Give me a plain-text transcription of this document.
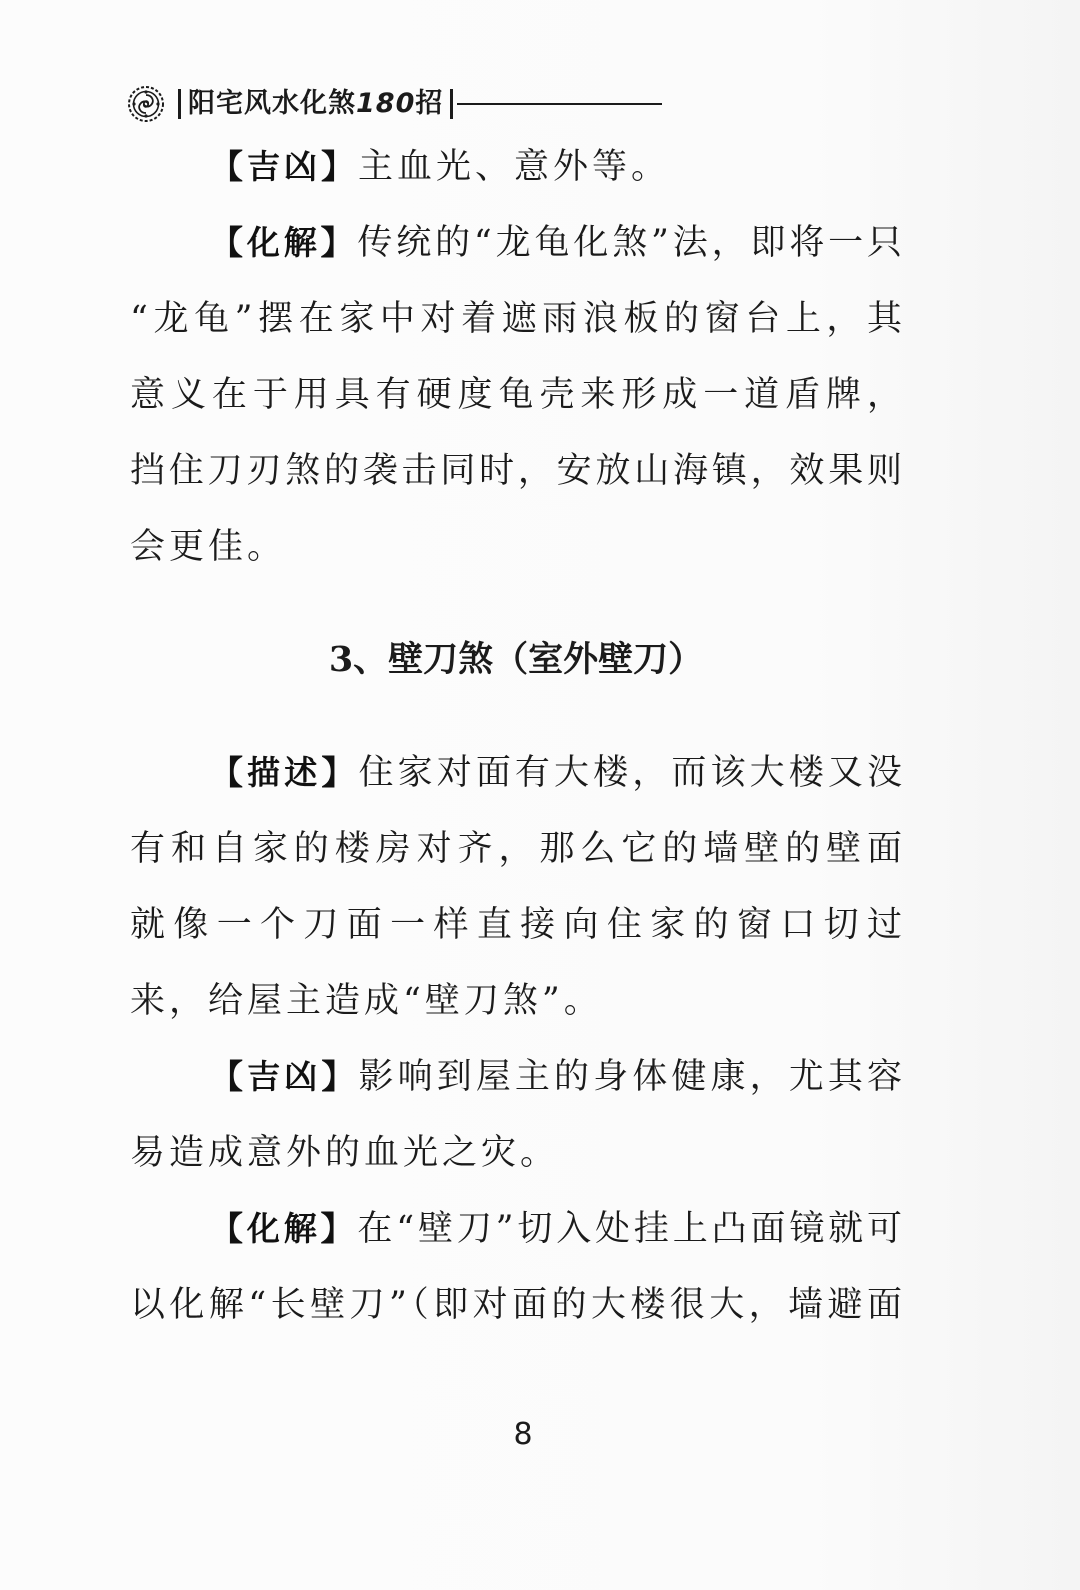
阳宅风水化煞180招
【吉凶】主血光、意外等。
【化解】传统的“龙龟化煞”法，即将一只
“龙龟”摆在家中对着遮雨浪板的窗台上，其
意义在于用具有硬度龟壳来形成一道盾牌，
挡住刀刃煞的袭击同时，安放山海镇，效果则
会更佳。
3、壁刀煞（室外壁刀）
【描述】住家对面有大楼，而该大楼又没
有和自家的楼房对齐，那么它的墙壁的壁面
就像一个刀面一样直接向住家的窗口切过
来，给屋主造成“壁刀煞”。
【吉凶】影响到屋主的身体健康，尤其容
易造成意外的血光之灾。
【化解】在“壁刀”切入处挂上凸面镜就可
以化解“长壁刀”（即对面的大楼很大，墙避面
8
